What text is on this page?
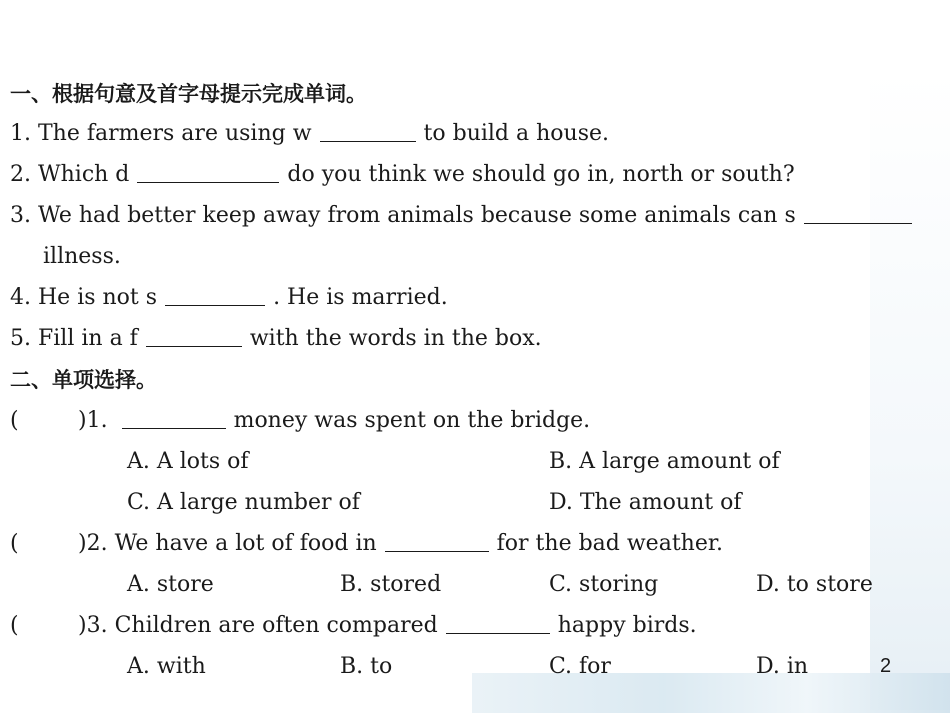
一、根据句意及首字母提示完成单词。
1. The farmers are using w	to build a house.
2. Which d	do you think we should go in, north or south?
3. We had better keep away from animals because some animals can s
illness.
4. He is not s	. He is married.
5. Fill in a f	with the words in the box.
二、单项选择。
(	)1.	money was spent on the bridge.
A. A lots of	B. A large amount of
C. A large number of	D. The amount of
(	)2. We have a lot of food in	for the bad weather.
A. store	B. stored	C. storing	D. to store
(	)3. Children are often compared	happy birds.
A. with	B. to	C. for	D. in	2
